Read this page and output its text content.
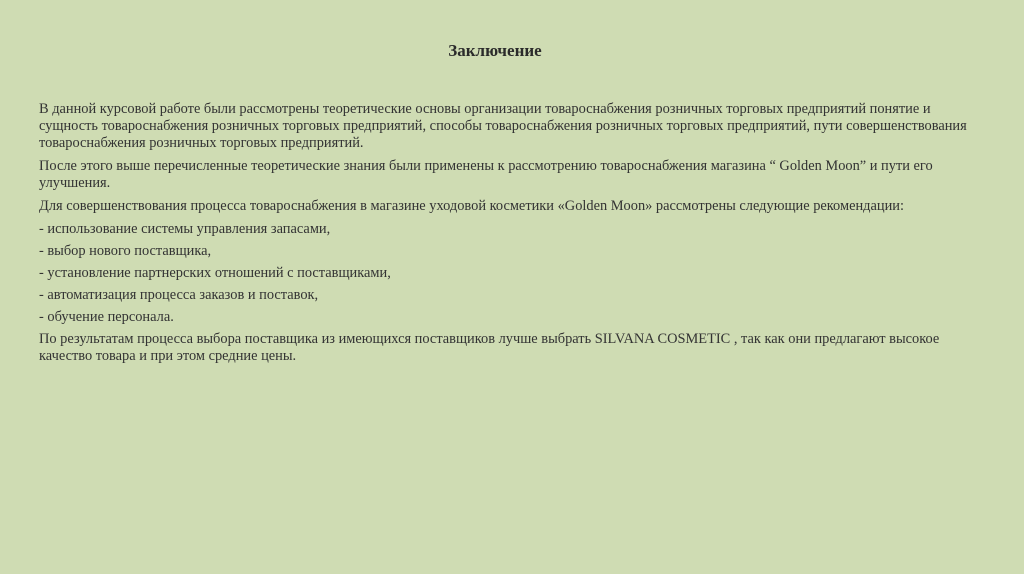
Заключение

В данной курсовой работе были рассмотрены теоретические основы организации товароснабжения розничных торговых предприятий понятие и сущность товароснабжения розничных торговых предприятий, способы товароснабжения розничных торговых предприятий, пути совершенствования товароснабжения розничных торговых предприятий.

После этого выше перечисленные теоретические знания были применены к рассмотрению товароснабжения магазина “ Golden Moon” и пути его улучшения.

Для совершенствования процесса товароснабжения в магазине уходовой косметики «Golden Moon» рассмотрены следующие рекомендации:

- использование системы управления запасами,

- выбор нового поставщика,

- установление партнерских отношений с поставщиками,

- автоматизация процесса заказов и поставок,

- обучение персонала.

По результатам процесса выбора поставщика из имеющихся поставщиков лучше выбрать SILVANA COSMETIC , так как они предлагают высокое качество товара и при этом средние цены.
